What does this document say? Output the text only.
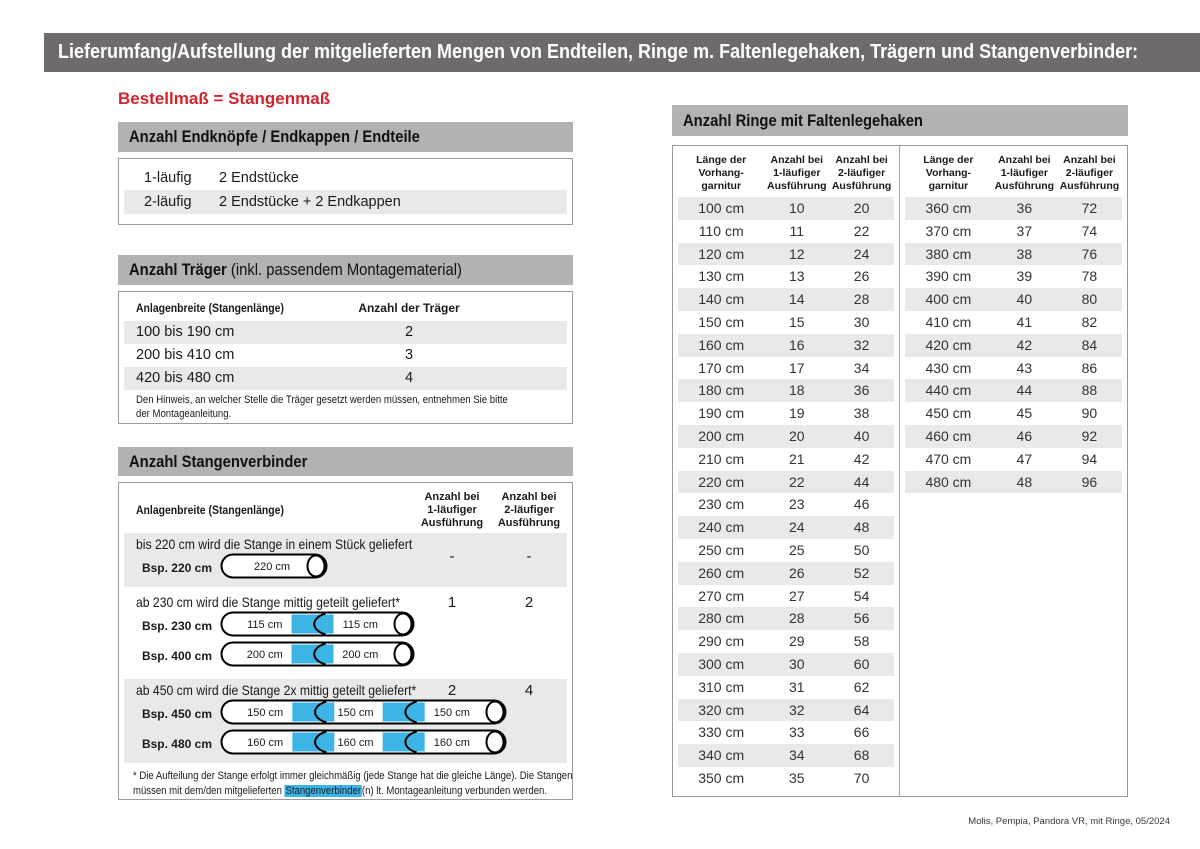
Lieferumfang/Aufstellung der mitgelieferten Mengen von Endteilen, Ringe m. Faltenlegehaken, Trägern und Stangenverbinder:
Bestellmaß = Stangenmaß
Anzahl Endknöpfe / Endkappen / Endteile
1-läufig 2 Endstücke
2-läufig 2 Endstücke + 2 Endkappen
Anzahl Träger (inkl. passendem Montagematerial)
Anlagenbreite (Stangenlänge)	Anzahl der Träger
100 bis 190 cm	2
200 bis 410 cm	3
420 bis 480 cm	4
Den Hinweis, an welcher Stelle die Träger gesetzt werden müssen, entnehmen Sie bitte
der Montageanleitung.
Anzahl Stangenverbinder
Anlagenbreite (Stangenlänge)
Anzahl bei
1-läufiger
Ausführung
Anzahl bei
2-läufiger
Ausführung
bis 220 cm wird die Stange in einem Stück geliefert
-	-
Bsp. 220 cm	220 cm
ab 230 cm wird die Stange mittig geteilt geliefert*	1	2
Bsp. 230 cm	115 cm	115 cm
Bsp. 400 cm	200 cm	200 cm
ab 450 cm wird die Stange 2x mittig geteilt geliefert*	2	4
Bsp. 450 cm	150 cm	150 cm	150 cm
Bsp. 480 cm	160 cm	160 cm	160 cm
* Die Aufteilung der Stange erfolgt immer gleichmäßig (jede Stange hat die gleiche Länge). Die Stangen
müssen mit dem/den mitgelieferten Stangenverbinder(n) lt. Montageanleitung verbunden werden.
Anzahl Ringe mit Faltenlegehaken
Länge der
Vorhang-
garnitur
Anzahl bei
1-läufiger
Ausführung
Anzahl bei
2-läufiger
Ausführung
100 cm	10	20
110 cm	11	22
120 cm	12	24
130 cm	13	26
140 cm	14	28
150 cm	15	30
160 cm	16	32
170 cm	17	34
180 cm	18	36
190 cm	19	38
200 cm	20	40
210 cm	21	42
220 cm	22	44
230 cm	23	46
240 cm	24	48
250 cm	25	50
260 cm	26	52
270 cm	27	54
280 cm	28	56
290 cm	29	58
300 cm	30	60
310 cm	31	62
320 cm	32	64
330 cm	33	66
340 cm	34	68
350 cm	35	70
Länge der
Vorhang-
garnitur
Anzahl bei
1-läufiger
Ausführung
Anzahl bei
2-läufiger
Ausführung
360 cm	36	72
370 cm	37	74
380 cm	38	76
390 cm	39	78
400 cm	40	80
410 cm	41	82
420 cm	42	84
430 cm	43	86
440 cm	44	88
450 cm	45	90
460 cm	46	92
470 cm	47	94
480 cm	48	96
Molis, Pempia, Pandora VR, mit Ringe, 05/2024
